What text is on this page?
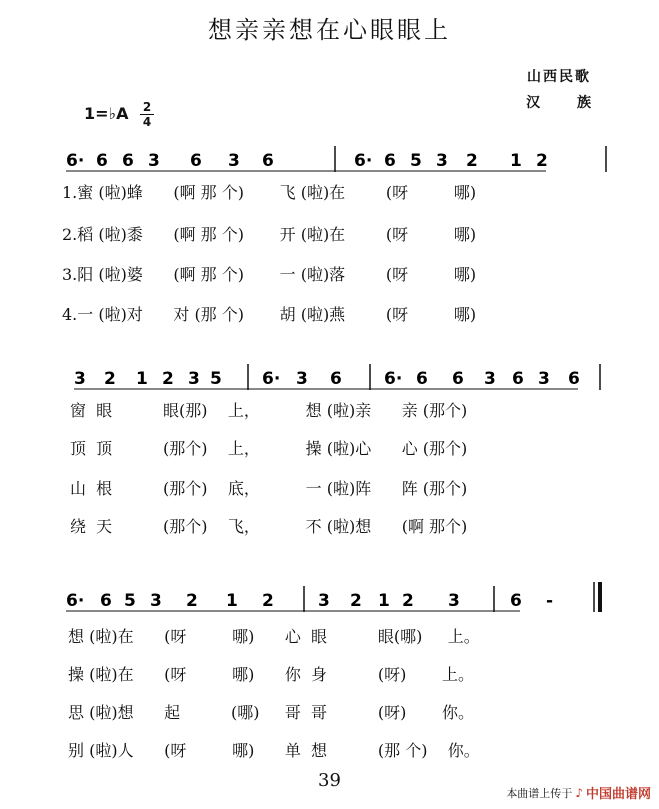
想亲亲想在心眼眼上
山西民歌
汉 族
1=♭A 2
4
6· 6 6 3 6 3 6	6· 6 5 3 2 1 2
3 2 1 2 3 5 6· 3 6 6· 6 6 3 6 3 6
6· 6 5 3 2 1 2	3 2 1 2 3	6 -
1.蜜 (啦)蜂      (啊 那 个)       飞 (啦)在        (呀         哪)
2.稻 (啦)黍      (啊 那 个)       开 (啦)在        (呀         哪)
3.阳 (啦)婆      (啊 那 个)       一 (啦)落        (呀         哪)
4.一 (啦)对      对 (那 个)       胡 (啦)燕        (呀         哪)
窗  眼          眼(那)    上，         想 (啦)亲      亲 (那个)
顶  顶          (那个)    上，         操 (啦)心      心 (那个)
山  根          (那个)    底，         一 (啦)阵      阵 (那个)
绕  天          (那个)    飞，         不 (啦)想      (啊 那个)
想 (啦)在      (呀         哪)      心  眼          眼(哪)     上。
操 (啦)在      (呀         哪)      你  身          (呀)       上。
思 (啦)想      起          (哪)     哥  哥          (呀)       你。
别 (啦)人      (呀         哪)      单  想          (那 个)    你。
39
本曲谱上传于 ♪ 中国曲谱网
